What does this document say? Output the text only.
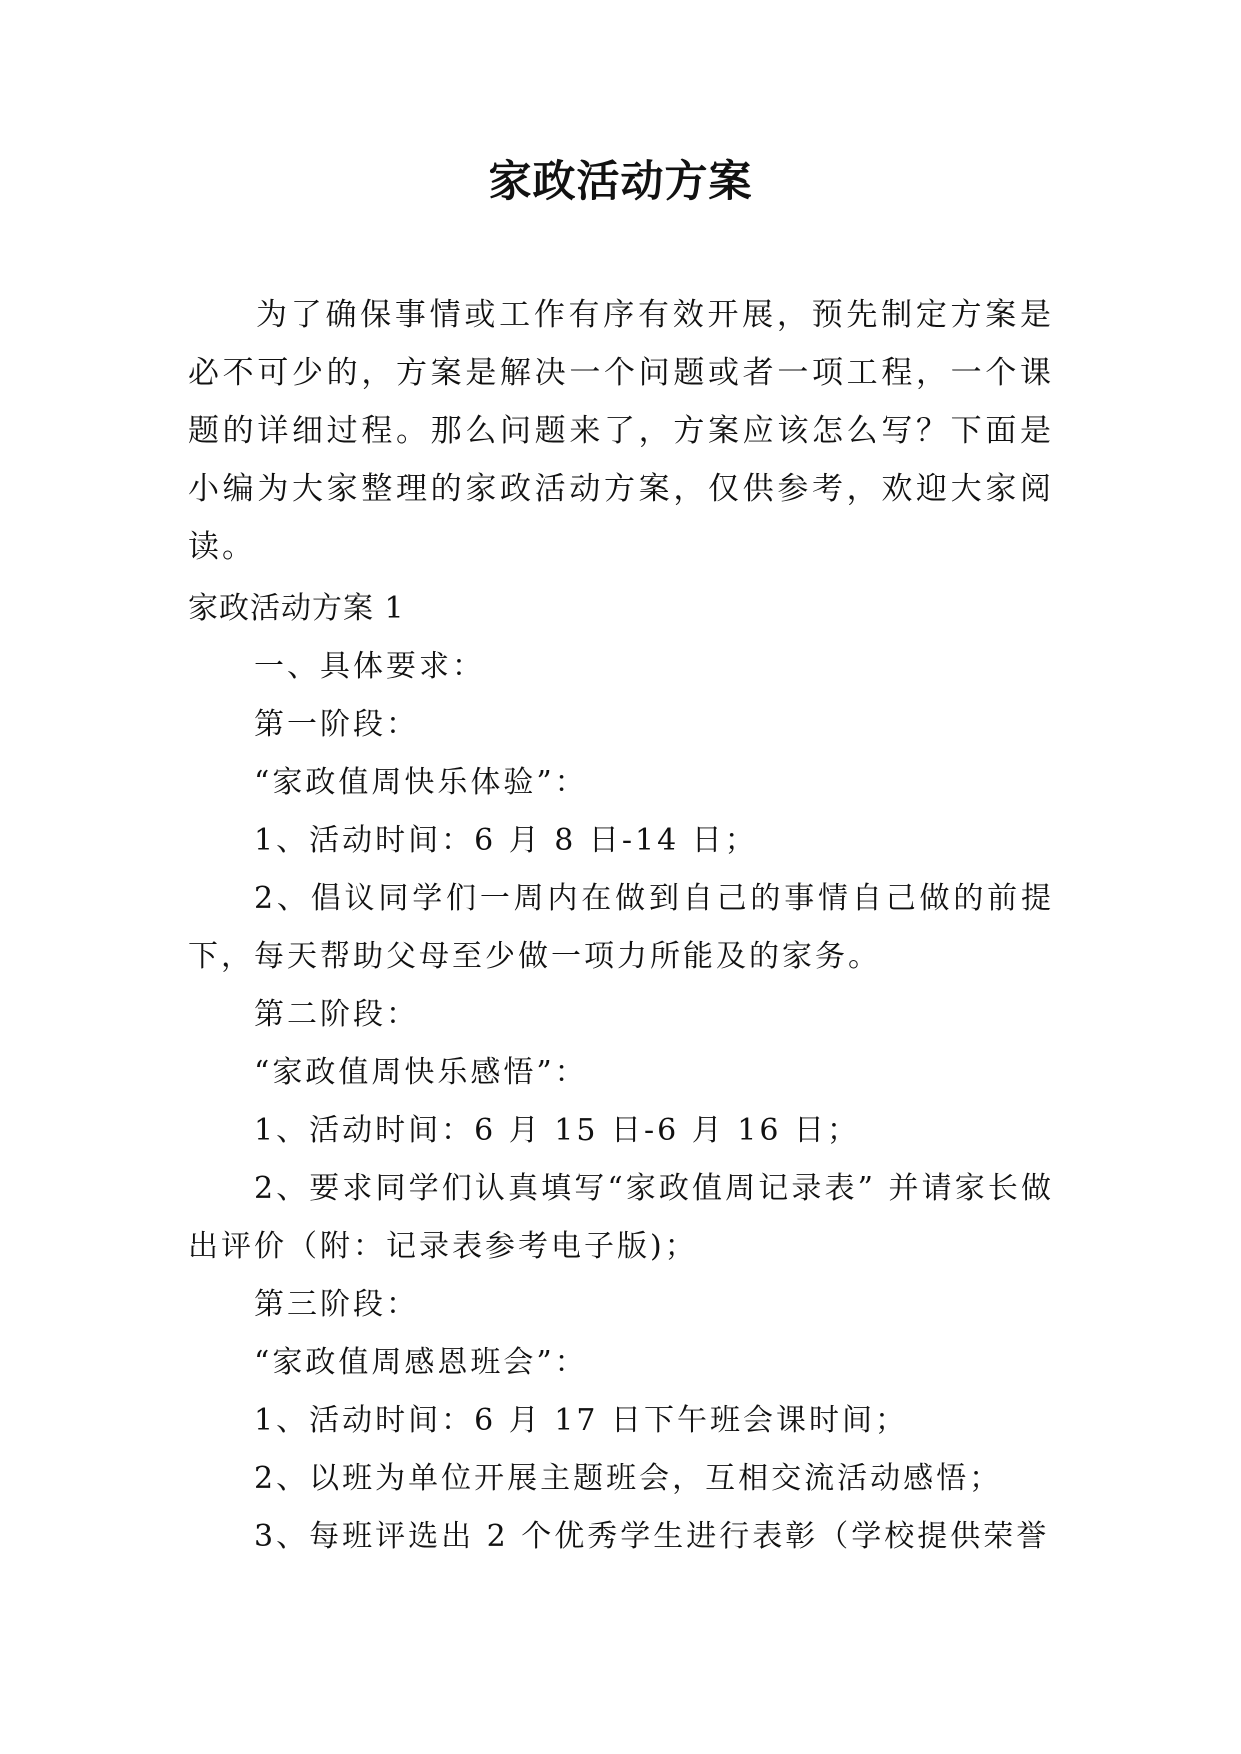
家政活动方案

为了确保事情或工作有序有效开展，预先制定方案是必不可少的，方案是解决一个问题或者一项工程，一个课题的详细过程。那么问题来了，方案应该怎么写？下面是小编为大家整理的家政活动方案，仅供参考，欢迎大家阅读。

家政活动方案 1

一、具体要求：

第一阶段：

“家政值周快乐体验”：

1、活动时间：6 月 8 日-14 日；

2、倡议同学们一周内在做到自己的事情自己做的前提下，每天帮助父母至少做一项力所能及的家务。

第二阶段：

“家政值周快乐感悟”：

1、活动时间：6 月 15 日-6 月 16 日；

2、要求同学们认真填写“家政值周记录表” 并请家长做出评价（附：记录表参考电子版)；

第三阶段：

“家政值周感恩班会”：

1、活动时间：6 月 17 日下午班会课时间；

2、以班为单位开展主题班会，互相交流活动感悟；

3、每班评选出 2 个优秀学生进行表彰（学校提供荣誉
